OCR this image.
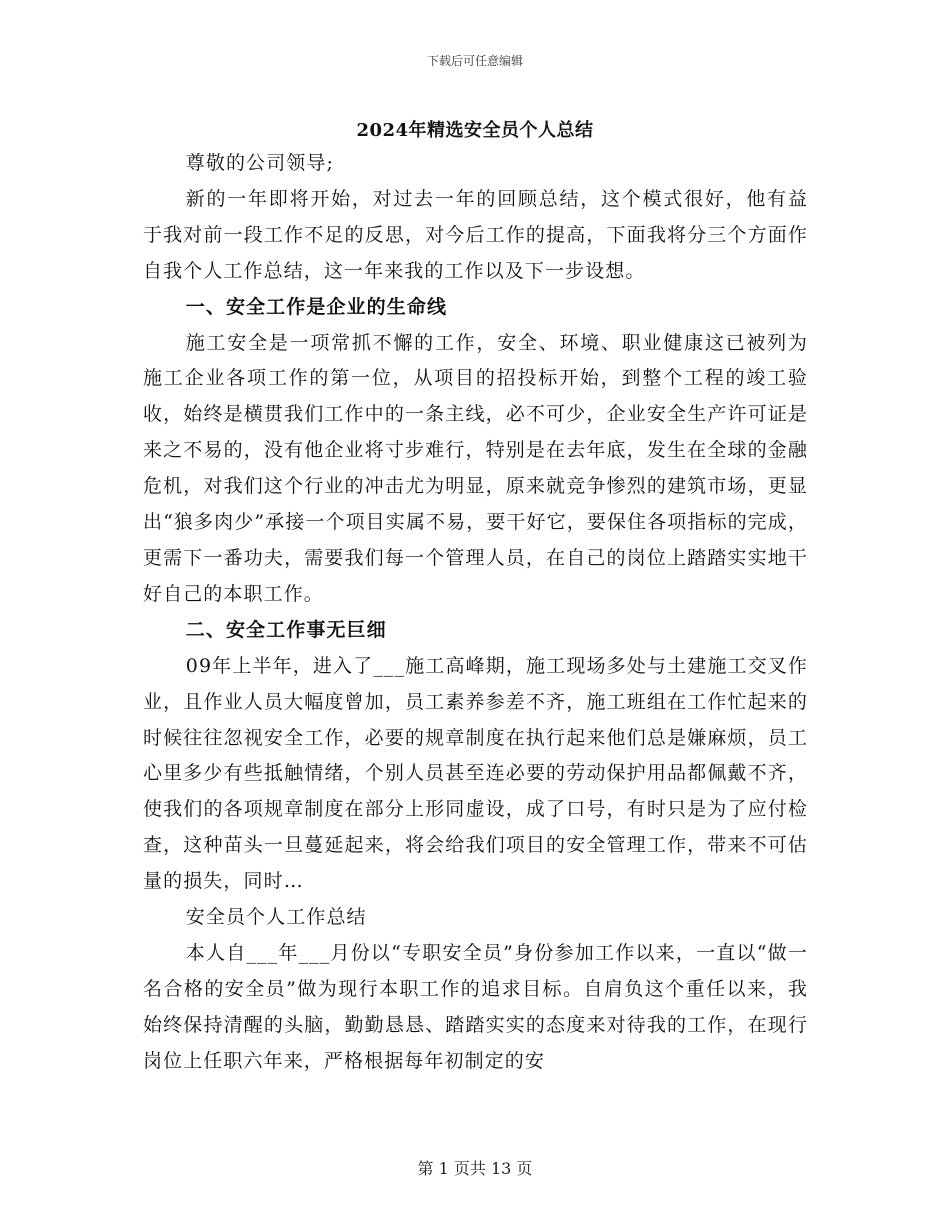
下载后可任意编辑
2024年精选安全员个人总结

尊敬的公司领导;

新的一年即将开始，对过去一年的回顾总结，这个模式很好，他有益于我对前一段工作不足的反思，对今后工作的提高，下面我将分三个方面作自我个人工作总结，这一年来我的工作以及下一步设想。

一、安全工作是企业的生命线

施工安全是一项常抓不懈的工作，安全、环境、职业健康这已被列为施工企业各项工作的第一位，从项目的招投标开始，到整个工程的竣工验收，始终是横贯我们工作中的一条主线，必不可少，企业安全生产许可证是来之不易的，没有他企业将寸步难行，特别是在去年底，发生在全球的金融危机，对我们这个行业的冲击尤为明显，原来就竞争惨烈的建筑市场，更显出“狼多肉少”承接一个项目实属不易，要干好它，要保住各项指标的完成，更需下一番功夫，需要我们每一个管理人员，在自己的岗位上踏踏实实地干好自己的本职工作。

二、安全工作事无巨细

09年上半年，进入了___施工高峰期，施工现场多处与土建施工交叉作业，且作业人员大幅度曾加，员工素养参差不齐，施工班组在工作忙起来的时候往往忽视安全工作，必要的规章制度在执行起来他们总是嫌麻烦，员工心里多少有些抵触情绪，个别人员甚至连必要的劳动保护用品都佩戴不齐，使我们的各项规章制度在部分上形同虚设，成了口号，有时只是为了应付检查，这种苗头一旦蔓延起来，将会给我们项目的安全管理工作，带来不可估量的损失，同时…

安全员个人工作总结

本人自___年___月份以“专职安全员”身份参加工作以来，一直以“做一名合格的安全员”做为现行本职工作的追求目标。自肩负这个重任以来，我始终保持清醒的头脑，勤勤恳恳、踏踏实实的态度来对待我的工作，在现行岗位上任职六年来，严格根据每年初制定的安

第 1 页共 13 页
